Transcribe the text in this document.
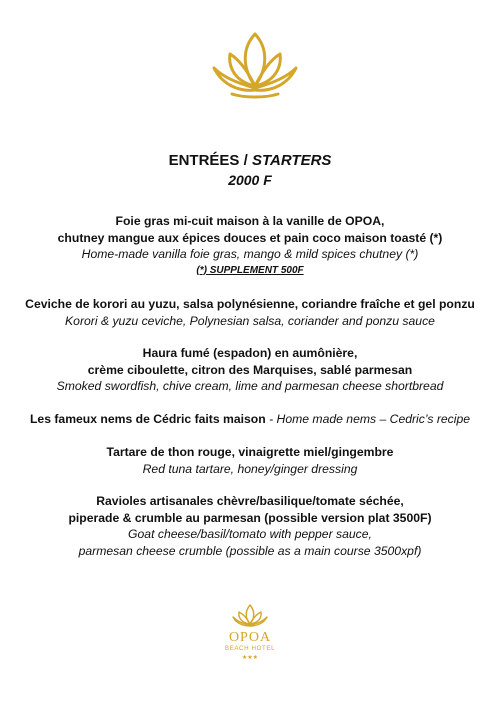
ENTRÉES / STARTERS
2000 F
Foie gras mi-cuit maison à la vanille de OPOA,
chutney mangue aux épices douces et pain coco maison toasté (*)
Home-made vanilla foie gras, mango & mild spices chutney (*)
(*) SUPPLEMENT 500F
Ceviche de korori au yuzu, salsa polynésienne, coriandre fraîche et gel ponzu
Korori & yuzu ceviche, Polynesian salsa, coriander and ponzu sauce
Haura fumé (espadon) en aumônière,
crème ciboulette, citron des Marquises, sablé parmesan
Smoked swordfish, chive cream, lime and parmesan cheese shortbread
Les fameux nems de Cédric faits maison - Home made nems – Cedric’s recipe
Tartare de thon rouge, vinaigrette miel/gingembre
Red tuna tartare, honey/ginger dressing
Ravioles artisanales chèvre/basilique/tomate séchée,
piperade & crumble au parmesan (possible version plat 3500F)
Goat cheese/basil/tomato with pepper sauce,
parmesan cheese crumble (possible as a main course 3500xpf)
OPOA
BEACH HOTEL
★★★
